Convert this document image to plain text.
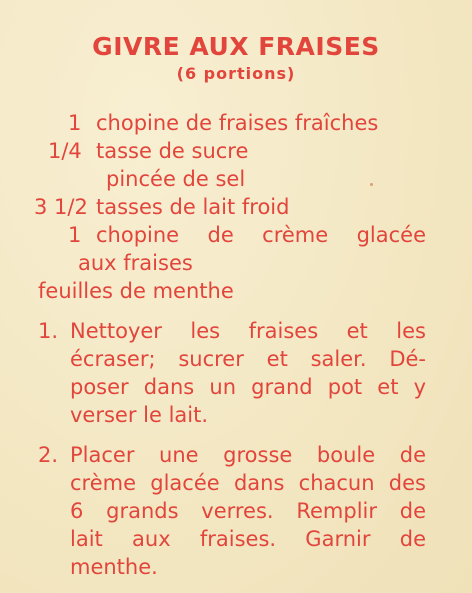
GIVRE AUX FRAISES
(6 portions)
1 chopine de fraises fraîches
1/4 tasse de sucre
pincée de sel
3 1/2 tasses de lait froid
1 chopine de crème glacée
aux fraises
feuilles de menthe
1. Nettoyer les fraises et les
écraser; sucrer et saler. Dé-
poser dans un grand pot et y
verser le lait.
2. Placer une grosse boule de
crème glacée dans chacun des
6 grands verres. Remplir de
lait aux fraises. Garnir de
menthe.
